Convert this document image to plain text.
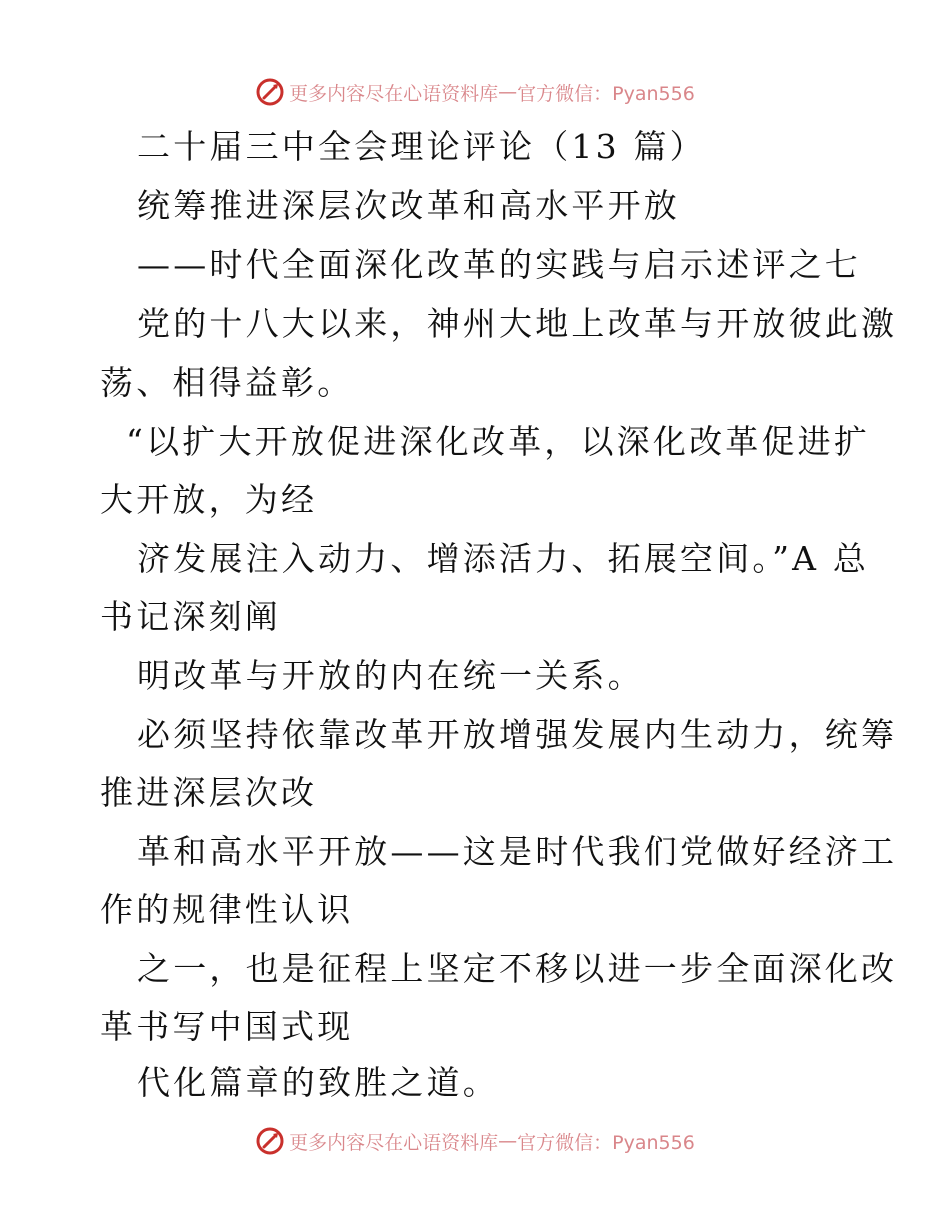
更多内容尽在心语资料库 — 官方微信：Pyan556
二十届三中全会理论评论（13 篇）
统筹推进深层次改革和高水平开放
——时代全面深化改革的实践与启示述评之七
党的十八大以来，神州大地上改革与开放彼此激
荡、相得益彰。
“以扩大开放促进深化改革，以深化改革促进扩
大开放，为经
济发展注入动力、增添活力、拓展空间。”A 总
书记深刻阐
明改革与开放的内在统一关系。
必须坚持依靠改革开放增强发展内生动力，统筹
推进深层次改
革和高水平开放——这是时代我们党做好经济工
作的规律性认识
之一，也是征程上坚定不移以进一步全面深化改
革书写中国式现
代化篇章的致胜之道。
更多内容尽在心语资料库 — 官方微信：Pyan556
